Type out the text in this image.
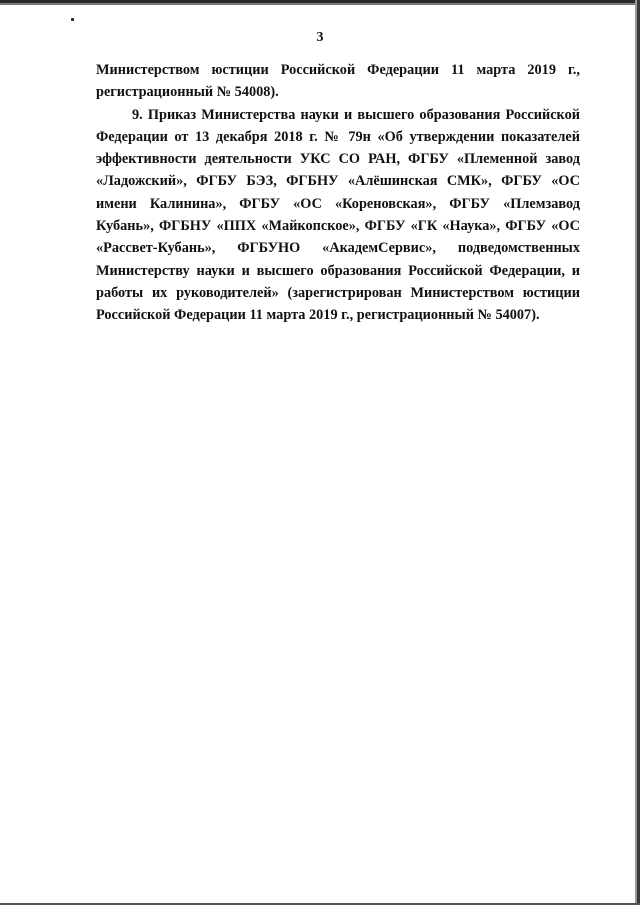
3

Министерством юстиции Российской Федерации 11 марта 2019 г., регистрационный № 54008).

9. Приказ Министерства науки и высшего образования Российской Федерации от 13 декабря 2018 г. № 79н «Об утверждении показателей эффективности деятельности УКС СО РАН, ФГБУ «Племенной завод «Ладожский», ФГБУ БЭЗ, ФГБНУ «Алёшинская СМК», ФГБУ «ОС имени Калинина», ФГБУ «ОС «Кореновская», ФГБУ «Племзавод Кубань», ФГБНУ «ППХ «Майкопское», ФГБУ «ГК «Наука», ФГБУ «ОС «Рассвет-Кубань», ФГБУНО «АкадемСервис», подведомственных Министерству науки и высшего образования Российской Федерации, и работы их руководителей» (зарегистрирован Министерством юстиции Российской Федерации 11 марта 2019 г., регистрационный № 54007).
